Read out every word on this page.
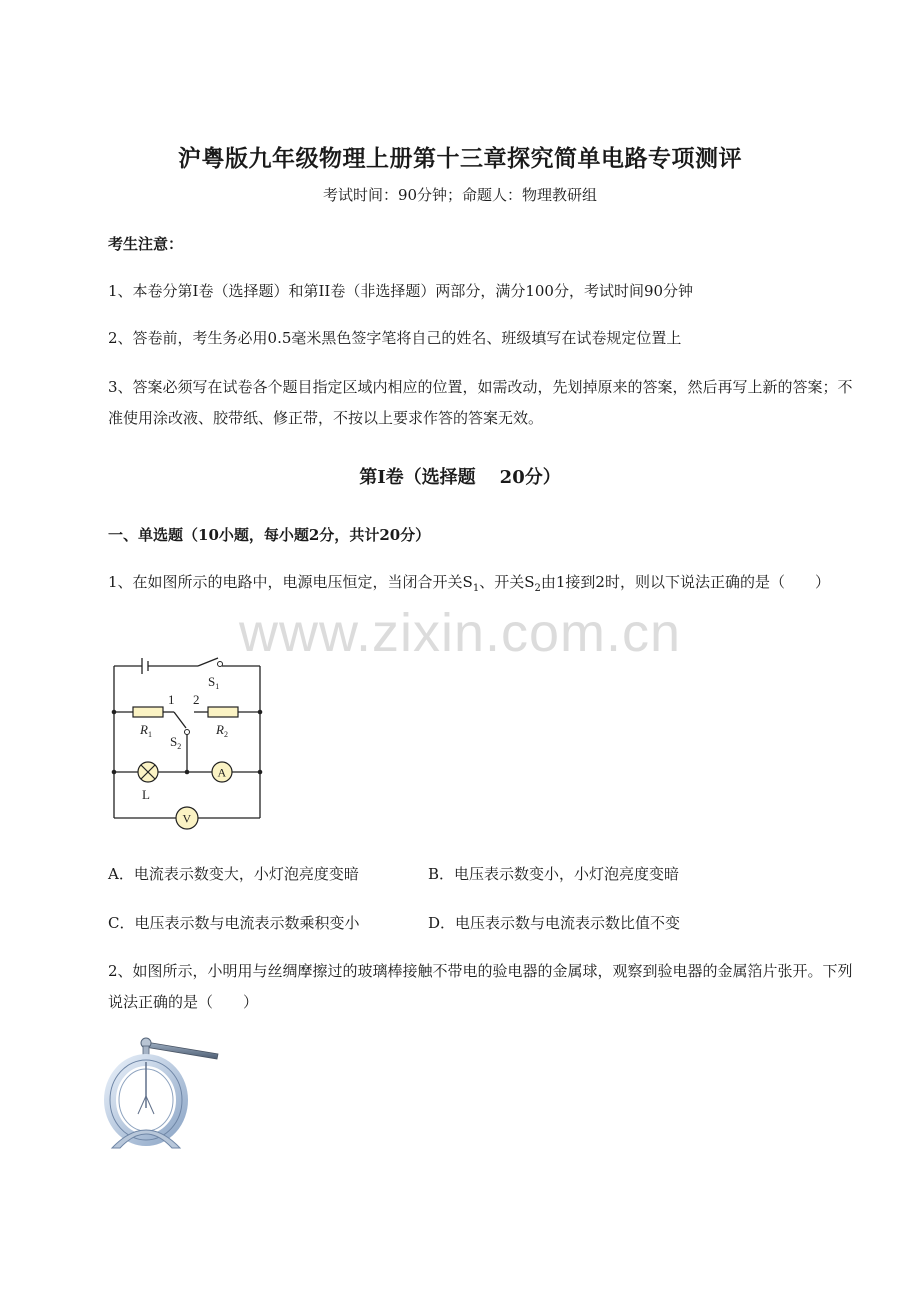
沪粤版九年级物理上册第十三章探究简单电路专项测评
考试时间：90分钟；命题人：物理教研组
考生注意：
1、本卷分第I卷（选择题）和第II卷（非选择题）两部分，满分100分，考试时间90分钟
2、答卷前，考生务必用0.5毫米黑色签字笔将自己的姓名、班级填写在试卷规定位置上
3、答案必须写在试卷各个题目指定区域内相应的位置，如需改动，先划掉原来的答案，然后再写上新的答案；不准使用涂改液、胶带纸、修正带，不按以上要求作答的答案无效。
第I卷（选择题 20分）
一、单选题（10小题，每小题2分，共计20分）
www.zixin.com.cn
1、在如图所示的电路中，电源电压恒定，当闭合开关$S_1$、开关$S_2$由1接到2时，则以下说法正确的是（　　）
$S_1$
1 2
$R_1$	$R_2$
$S_2$
L
A
V
A．电流表示数变大，小灯泡亮度变暗	B．电压表示数变小，小灯泡亮度变暗
C．电压表示数与电流表示数乘积变小	D．电压表示数与电流表示数比值不变
2、如图所示，小明用与丝绸摩擦过的玻璃棒接触不带电的验电器的金属球，观察到验电器的金属箔片张开。下列说法正确的是（　　）
